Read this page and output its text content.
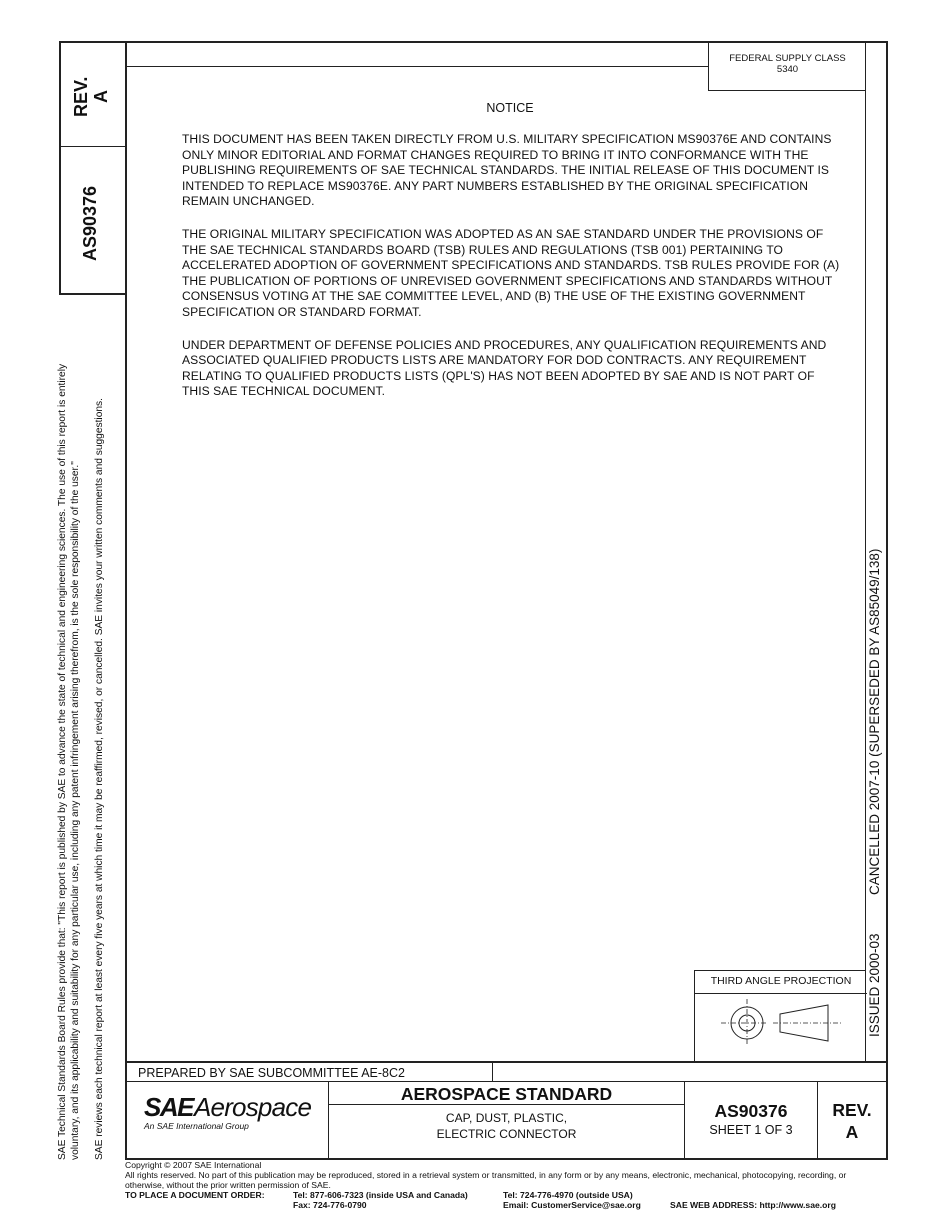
REV. A
AS90376
SAE Technical Standards Board Rules provide that: "This report is published by SAE to advance the state of technical and engineering sciences. The use of this report is entirely voluntary, and its applicability and suitability for any particular use, including any patent infringement arising therefrom, is the sole responsibility of the user." SAE reviews each technical report at least every five years at which time it may be reaffirmed, revised, or cancelled. SAE invites your written comments and suggestions.
FEDERAL SUPPLY CLASS
5340
NOTICE

THIS DOCUMENT HAS BEEN TAKEN DIRECTLY FROM U.S. MILITARY SPECIFICATION MS90376E AND CONTAINS ONLY MINOR EDITORIAL AND FORMAT CHANGES REQUIRED TO BRING IT INTO CONFORMANCE WITH THE PUBLISHING REQUIREMENTS OF SAE TECHNICAL STANDARDS. THE INITIAL RELEASE OF THIS DOCUMENT IS INTENDED TO REPLACE MS90376E. ANY PART NUMBERS ESTABLISHED BY THE ORIGINAL SPECIFICATION REMAIN UNCHANGED.

THE ORIGINAL MILITARY SPECIFICATION WAS ADOPTED AS AN SAE STANDARD UNDER THE PROVISIONS OF THE SAE TECHNICAL STANDARDS BOARD (TSB) RULES AND REGULATIONS (TSB 001) PERTAINING TO ACCELERATED ADOPTION OF GOVERNMENT SPECIFICATIONS AND STANDARDS. TSB RULES PROVIDE FOR (A) THE PUBLICATION OF PORTIONS OF UNREVISED GOVERNMENT SPECIFICATIONS AND STANDARDS WITHOUT CONSENSUS VOTING AT THE SAE COMMITTEE LEVEL, AND (B) THE USE OF THE EXISTING GOVERNMENT SPECIFICATION OR STANDARD FORMAT.

UNDER DEPARTMENT OF DEFENSE POLICIES AND PROCEDURES, ANY QUALIFICATION REQUIREMENTS AND ASSOCIATED QUALIFIED PRODUCTS LISTS ARE MANDATORY FOR DOD CONTRACTS. ANY REQUIREMENT RELATING TO QUALIFIED PRODUCTS LISTS (QPL'S) HAS NOT BEEN ADOPTED BY SAE AND IS NOT PART OF THIS SAE TECHNICAL DOCUMENT.

CANCELLED 2007-10 (SUPERSEDED BY AS85049/138)
ISSUED 2000-03
THIRD ANGLE PROJECTION
PREPARED BY SAE SUBCOMMITTEE AE-8C2
SAE Aerospace
An SAE International Group
AEROSPACE STANDARD
CAP, DUST, PLASTIC,
ELECTRIC CONNECTOR
AS90376
SHEET 1 OF 3
REV.
A
Copyright © 2007 SAE International
All rights reserved. No part of this publication may be reproduced, stored in a retrieval system or transmitted, in any form or by any means, electronic, mechanical, photocopying, recording, or
otherwise, without the prior written permission of SAE.
TO PLACE A DOCUMENT ORDER:	Tel: 877-606-7323 (inside USA and Canada)
Fax: 724-776-0790
Tel: 724-776-4970 (outside USA)
Email: CustomerService@sae.org	SAE WEB ADDRESS: http://www.sae.org
